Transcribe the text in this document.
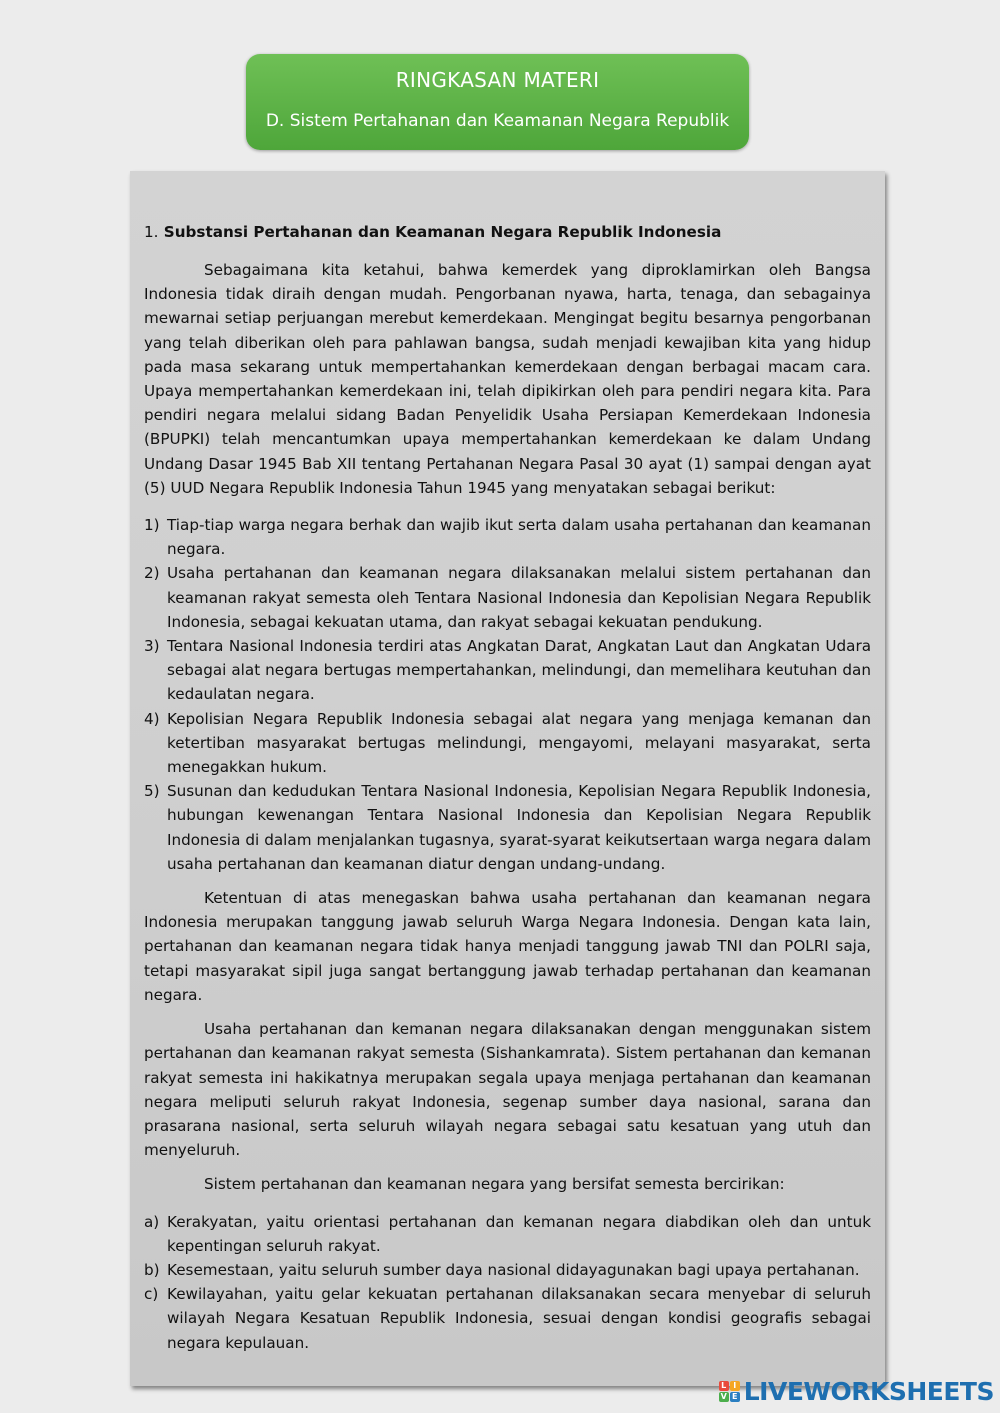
RINGKASAN MATERI
D. Sistem Pertahanan dan Keamanan Negara Republik
1. Substansi Pertahanan dan Keamanan Negara Republik Indonesia

Sebagaimana kita ketahui, bahwa kemerdek yang diproklamirkan oleh Bangsa Indonesia tidak diraih dengan mudah. Pengorbanan nyawa, harta, tenaga, dan sebagainya mewarnai setiap perjuangan merebut kemerdekaan. Mengingat begitu besarnya pengorbanan yang telah diberikan oleh para pahlawan bangsa, sudah menjadi kewajiban kita yang hidup pada masa sekarang untuk mempertahankan kemerdekaan dengan berbagai macam cara. Upaya mempertahankan kemerdekaan ini, telah dipikirkan oleh para pendiri negara kita. Para pendiri negara melalui sidang Badan Penyelidik Usaha Persiapan Kemerdekaan Indonesia (BPUPKI) telah mencantumkan upaya mempertahankan kemerdekaan ke dalam Undang Undang Dasar 1945 Bab XII tentang Pertahanan Negara Pasal 30 ayat (1) sampai dengan ayat (5) UUD Negara Republik Indonesia Tahun 1945 yang menyatakan sebagai berikut:

1) Tiap-tiap warga negara berhak dan wajib ikut serta dalam usaha pertahanan dan keamanan negara.
2) Usaha pertahanan dan keamanan negara dilaksanakan melalui sistem pertahanan dan keamanan rakyat semesta oleh Tentara Nasional Indonesia dan Kepolisian Negara Republik Indonesia, sebagai kekuatan utama, dan rakyat sebagai kekuatan pendukung.
3) Tentara Nasional Indonesia terdiri atas Angkatan Darat, Angkatan Laut dan Angkatan Udara sebagai alat negara bertugas mempertahankan, melindungi, dan memelihara keutuhan dan kedaulatan negara.
4) Kepolisian Negara Republik Indonesia sebagai alat negara yang menjaga kemanan dan ketertiban masyarakat bertugas melindungi, mengayomi, melayani masyarakat, serta menegakkan hukum.
5) Susunan dan kedudukan Tentara Nasional Indonesia, Kepolisian Negara Republik Indonesia, hubungan kewenangan Tentara Nasional Indonesia dan Kepolisian Negara Republik Indonesia di dalam menjalankan tugasnya, syarat-syarat keikutsertaan warga negara dalam usaha pertahanan dan keamanan diatur dengan undang-undang.

Ketentuan di atas menegaskan bahwa usaha pertahanan dan keamanan negara Indonesia merupakan tanggung jawab seluruh Warga Negara Indonesia. Dengan kata lain, pertahanan dan keamanan negara tidak hanya menjadi tanggung jawab TNI dan POLRI saja, tetapi masyarakat sipil juga sangat bertanggung jawab terhadap pertahanan dan keamanan negara.

Usaha pertahanan dan kemanan negara dilaksanakan dengan menggunakan sistem pertahanan dan keamanan rakyat semesta (Sishankamrata). Sistem pertahanan dan kemanan rakyat semesta ini hakikatnya merupakan segala upaya menjaga pertahanan dan keamanan negara meliputi seluruh rakyat Indonesia, segenap sumber daya nasional, sarana dan prasarana nasional, serta seluruh wilayah negara sebagai satu kesatuan yang utuh dan menyeluruh.

Sistem pertahanan dan keamanan negara yang bersifat semesta bercirikan:

a) Kerakyatan, yaitu orientasi pertahanan dan kemanan negara diabdikan oleh dan untuk kepentingan seluruh rakyat.
b) Kesemestaan, yaitu seluruh sumber daya nasional didayagunakan bagi upaya pertahanan.
c) Kewilayahan, yaitu gelar kekuatan pertahanan dilaksanakan secara menyebar di seluruh wilayah Negara Kesatuan Republik Indonesia, sesuai dengan kondisi geografis sebagai negara kepulauan.
L I
V E LIVEWORKSHEETS
